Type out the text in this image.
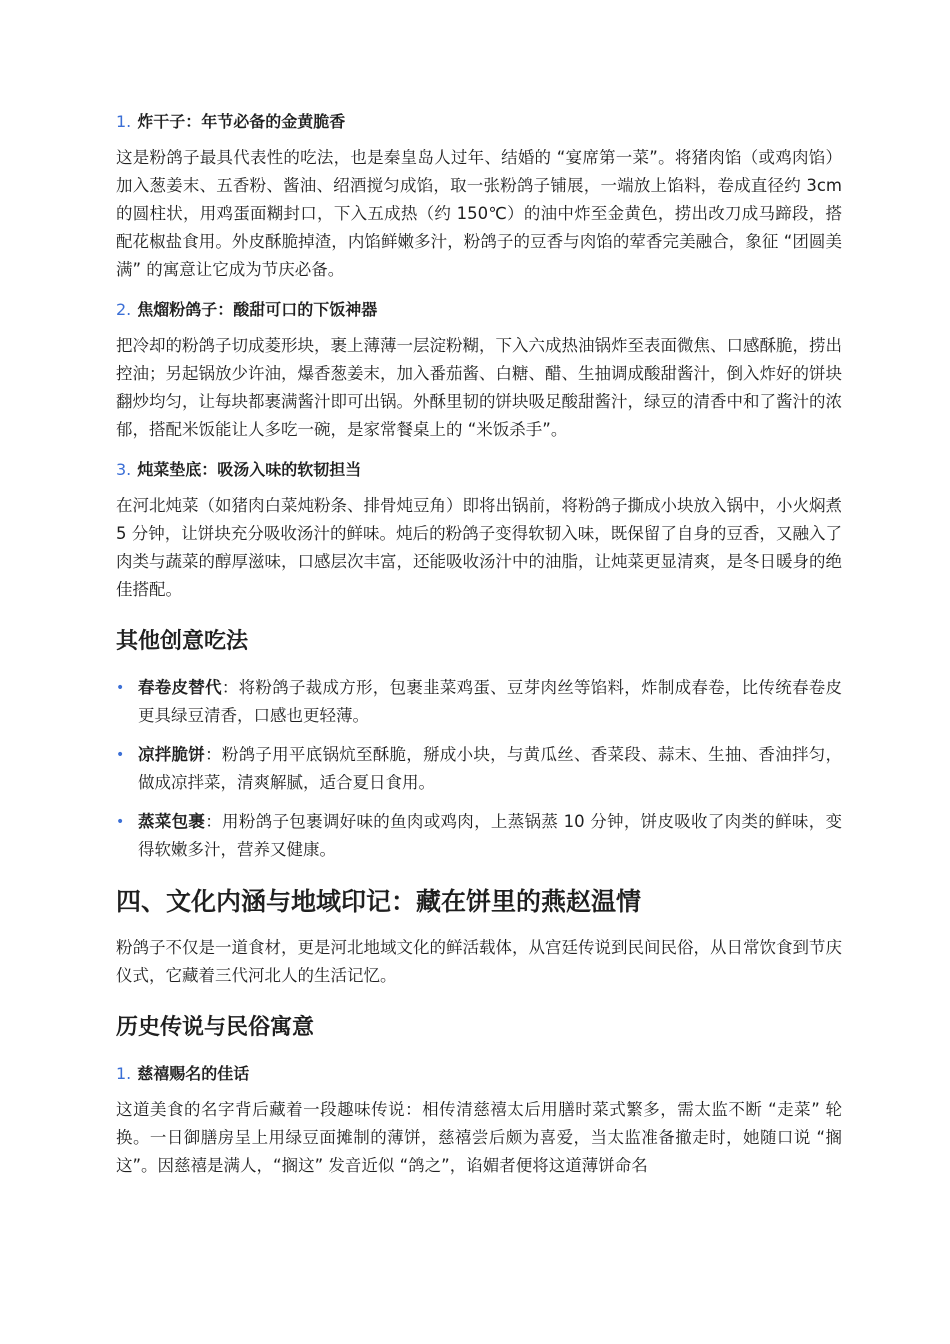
1. 炸干子：年节必备的金黄脆香

这是粉鸽子最具代表性的吃法，也是秦皇岛人过年、结婚的 “宴席第一菜”。将猪肉馅（或鸡肉馅）加入葱姜末、五香粉、酱油、绍酒搅匀成馅，取一张粉鸽子铺展，一端放上馅料，卷成直径约 3cm 的圆柱状，用鸡蛋面糊封口，下入五成热（约 150℃）的油中炸至金黄色，捞出改刀成马蹄段，搭配花椒盐食用。外皮酥脆掉渣，内馅鲜嫩多汁，粉鸽子的豆香与肉馅的荤香完美融合，象征 “团圆美满” 的寓意让它成为节庆必备。

2. 焦熘粉鸽子：酸甜可口的下饭神器

把冷却的粉鸽子切成菱形块，裹上薄薄一层淀粉糊，下入六成热油锅炸至表面微焦、口感酥脆，捞出控油；另起锅放少许油，爆香葱姜末，加入番茄酱、白糖、醋、生抽调成酸甜酱汁，倒入炸好的饼块翻炒均匀，让每块都裹满酱汁即可出锅。外酥里韧的饼块吸足酸甜酱汁，绿豆的清香中和了酱汁的浓郁，搭配米饭能让人多吃一碗，是家常餐桌上的 “米饭杀手”。

3. 炖菜垫底：吸汤入味的软韧担当

在河北炖菜（如猪肉白菜炖粉条、排骨炖豆角）即将出锅前，将粉鸽子撕成小块放入锅中，小火焖煮 5 分钟，让饼块充分吸收汤汁的鲜味。炖后的粉鸽子变得软韧入味，既保留了自身的豆香，又融入了肉类与蔬菜的醇厚滋味，口感层次丰富，还能吸收汤汁中的油脂，让炖菜更显清爽，是冬日暖身的绝佳搭配。

其他创意吃法
• 春卷皮替代：将粉鸽子裁成方形，包裹韭菜鸡蛋、豆芽肉丝等馅料，炸制成春卷，比传统春卷皮更具绿豆清香，口感也更轻薄。
• 凉拌脆饼：粉鸽子用平底锅炕至酥脆，掰成小块，与黄瓜丝、香菜段、蒜末、生抽、香油拌匀，做成凉拌菜，清爽解腻，适合夏日食用。
• 蒸菜包裹：用粉鸽子包裹调好味的鱼肉或鸡肉，上蒸锅蒸 10 分钟，饼皮吸收了肉类的鲜味，变得软嫩多汁，营养又健康。
四、文化内涵与地域印记：藏在饼里的燕赵温情

粉鸽子不仅是一道食材，更是河北地域文化的鲜活载体，从宫廷传说到民间民俗，从日常饮食到节庆仪式，它藏着三代河北人的生活记忆。

历史传说与民俗寓意
1. 慈禧赐名的佳话

这道美食的名字背后藏着一段趣味传说：相传清慈禧太后用膳时菜式繁多，需太监不断 “走菜” 轮换。一日御膳房呈上用绿豆面摊制的薄饼，慈禧尝后颇为喜爱，当太监准备撤走时，她随口说 “搁这”。因慈禧是满人，“搁这” 发音近似 “鸽之”，谄媚者便将这道薄饼命名
